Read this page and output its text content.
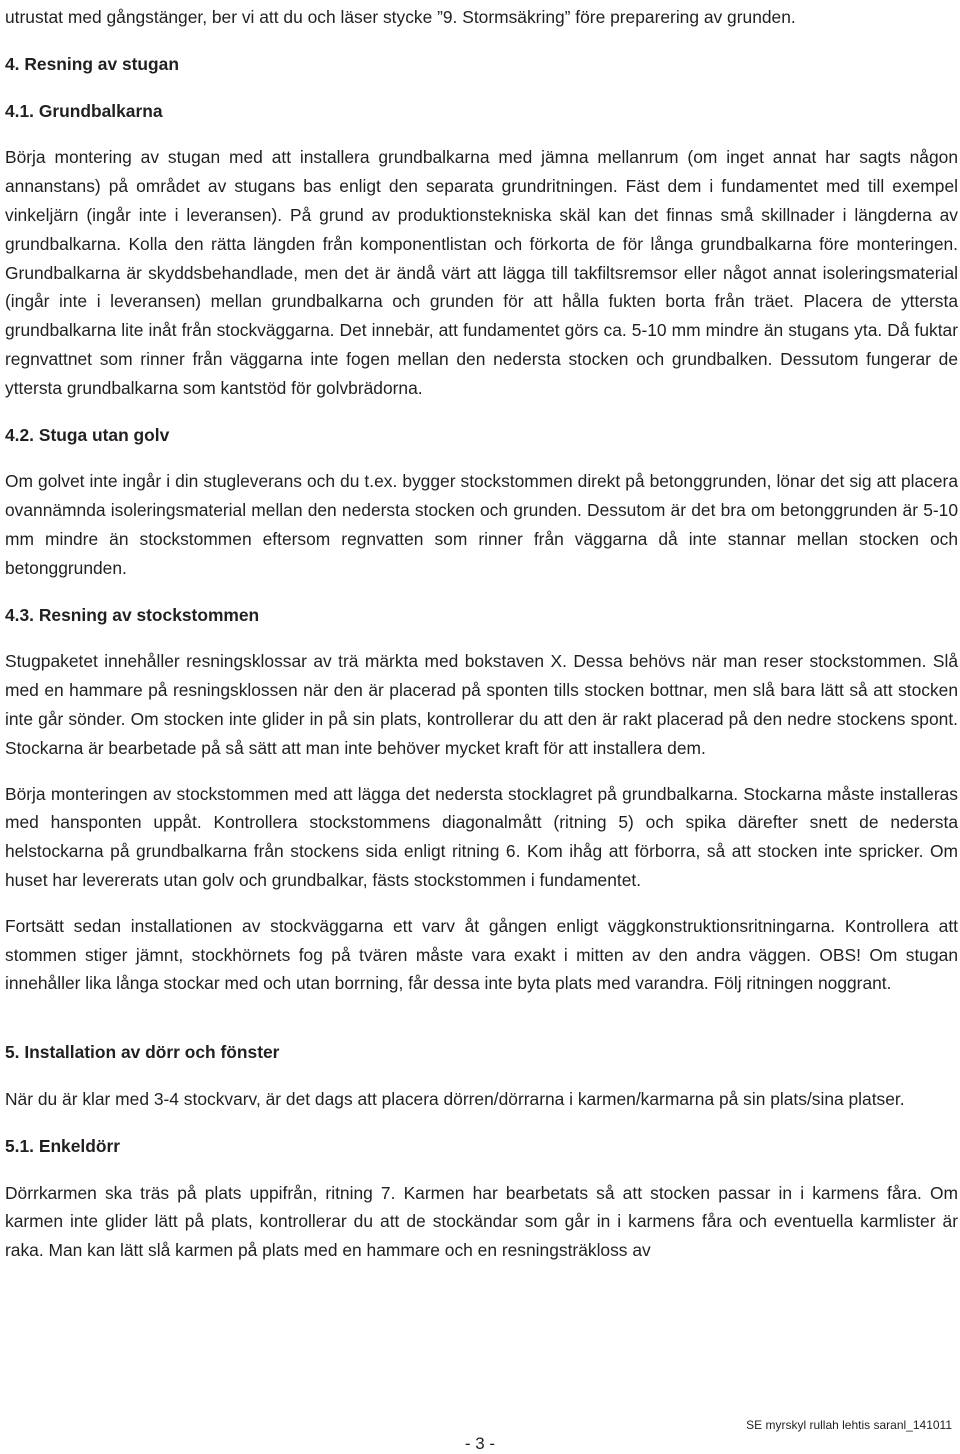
utrustat med gångstänger, ber vi att du och läser stycke ”9. Stormsäkring” före preparering av grunden.

4. Resning av stugan

4.1. Grundbalkarna

Börja montering av stugan med att installera grundbalkarna med jämna mellanrum (om inget annat har sagts någon annanstans) på området av stugans bas enligt den separata grundritningen. Fäst dem i fundamentet med till exempel vinkeljärn (ingår inte i leveransen). På grund av produktionstekniska skäl kan det finnas små skillnader i längderna av grundbalkarna. Kolla den rätta längden från komponentlistan och förkorta de för långa grundbalkarna före monteringen. Grundbalkarna är skyddsbehandlade, men det är ändå värt att lägga till takfiltsremsor eller något annat isoleringsmaterial (ingår inte i leveransen) mellan grundbalkarna och grunden för att hålla fukten borta från träet. Placera de yttersta grundbalkarna lite inåt från stockväggarna. Det innebär, att fundamentet görs ca. 5-10 mm mindre än stugans yta. Då fuktar regnvattnet som rinner från väggarna inte fogen mellan den nedersta stocken och grundbalken. Dessutom fungerar de yttersta grundbalkarna som kantstöd för golvbrädorna.

4.2. Stuga utan golv

Om golvet inte ingår i din stugleverans och du t.ex. bygger stockstommen direkt på betonggrunden, lönar det sig att placera ovannämnda isoleringsmaterial mellan den nedersta stocken och grunden. Dessutom är det bra om betonggrunden är 5-10 mm mindre än stockstommen eftersom regnvatten som rinner från väggarna då inte stannar mellan stocken och betonggrunden.

4.3. Resning av stockstommen

Stugpaketet innehåller resningsklossar av trä märkta med bokstaven X. Dessa behövs när man reser stockstommen. Slå med en hammare på resningsklossen när den är placerad på sponten tills stocken bottnar, men slå bara lätt så att stocken inte går sönder. Om stocken inte glider in på sin plats, kontrollerar du att den är rakt placerad på den nedre stockens spont. Stockarna är bearbetade på så sätt att man inte behöver mycket kraft för att installera dem.

Börja monteringen av stockstommen med att lägga det nedersta stocklagret på grundbalkarna. Stockarna måste installeras med hansponten uppåt. Kontrollera stockstommens diagonalmått (ritning 5) och spika därefter snett de nedersta helstockarna på grundbalkarna från stockens sida enligt ritning 6. Kom ihåg att förborra, så att stocken inte spricker. Om huset har levererats utan golv och grundbalkar, fästs stockstommen i fundamentet.

Fortsätt sedan installationen av stockväggarna ett varv åt gången enligt väggkonstruktionsritningarna. Kontrollera att stommen stiger jämnt, stockhörnets fog på tvären måste vara exakt i mitten av den andra väggen. OBS! Om stugan innehåller lika långa stockar med och utan borrning, får dessa inte byta plats med varandra. Följ ritningen noggrant.

5. Installation av dörr och fönster

När du är klar med 3-4 stockvarv, är det dags att placera dörren/dörrarna i karmen/karmarna på sin plats/sina platser.

5.1. Enkeldörr

Dörrkarmen ska träs på plats uppifrån, ritning 7. Karmen har bearbetats så att stocken passar in i karmens fåra. Om karmen inte glider lätt på plats, kontrollerar du att de stockändar som går in i karmens fåra och eventuella karmlister är raka. Man kan lätt slå karmen på plats med en hammare och en resningsträkloss av

SE myrskyl rullah lehtis saranl_141011
- 3 -
